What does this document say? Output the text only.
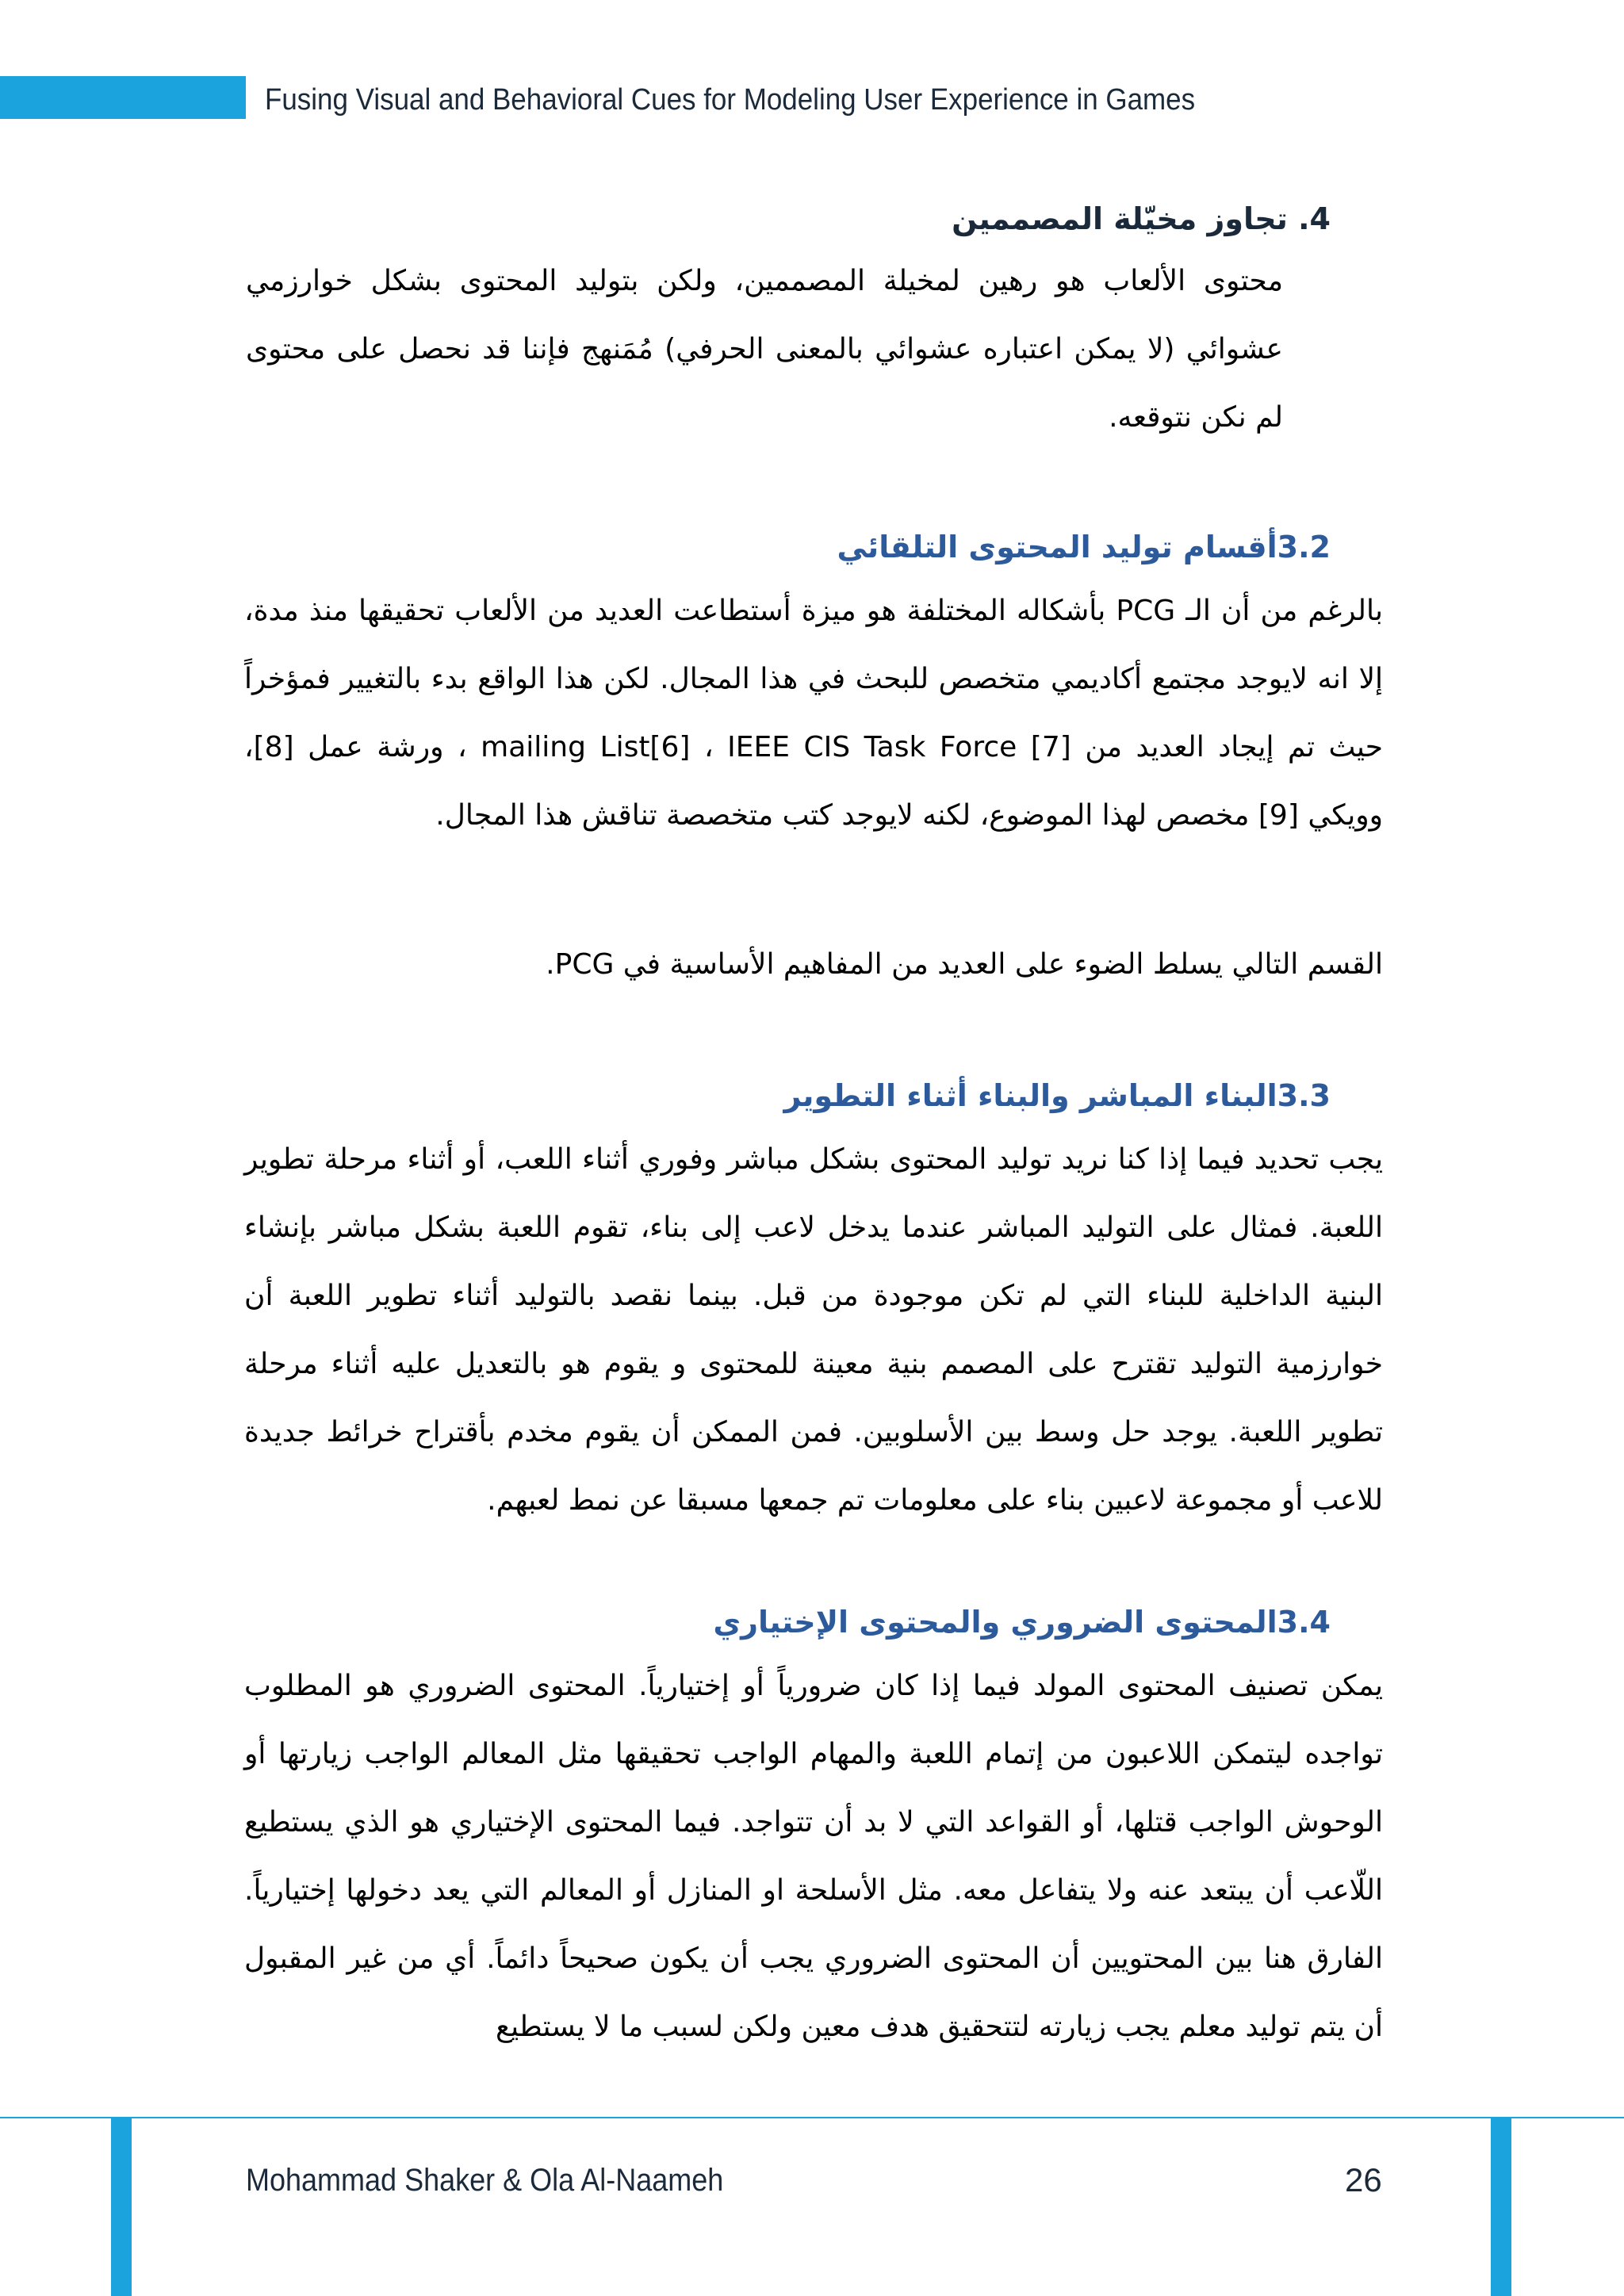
Fusing Visual and Behavioral Cues for Modeling User Experience in Games
4. تجاوز مخيّلة المصممين
محتوى الألعاب هو رهين لمخيلة المصممين، ولكن بتوليد المحتوى بشكل خوارزمي عشوائي (لا يمكن اعتباره عشوائي بالمعنى الحرفي) مُمَنهج فإننا قد نحصل على محتوى لم نكن نتوقعه.
3.2أقسام توليد المحتوى التلقائي
بالرغم من أن الـ PCG بأشكاله المختلفة هو ميزة أستطاعت العديد من الألعاب تحقيقها منذ مدة، إلا انه لايوجد مجتمع أكاديمي متخصص للبحث في هذا المجال. لكن هذا الواقع بدء بالتغيير فمؤخراً حيث تم إيجاد العديد من mailing List[6] ، IEEE CIS Task Force [7] ، ورشة عمل [8]، وويكي [9] مخصص لهذا الموضوع، لكنه لايوجد كتب متخصصة تناقش هذا المجال.
القسم التالي يسلط الضوء على العديد من المفاهيم الأساسية في PCG.
3.3البناء المباشر والبناء أثناء التطوير
يجب تحديد فيما إذا كنا نريد توليد المحتوى بشكل مباشر وفوري أثناء اللعب، أو أثناء مرحلة تطوير اللعبة. فمثال على التوليد المباشر عندما يدخل لاعب إلى بناء، تقوم اللعبة بشكل مباشر بإنشاء البنية الداخلية للبناء التي لم تكن موجودة من قبل. بينما نقصد بالتوليد أثناء تطوير اللعبة أن خوارزمية التوليد تقترح على المصمم بنية معينة للمحتوى و يقوم هو بالتعديل عليه أثناء مرحلة تطوير اللعبة. يوجد حل وسط بين الأسلوبين. فمن الممكن أن يقوم مخدم بأقتراح خرائط جديدة للاعب أو مجموعة لاعبين بناء على معلومات تم جمعها مسبقا عن نمط لعبهم.
3.4المحتوى الضروري والمحتوى الإختياري
يمكن تصنيف المحتوى المولد فيما إذا كان ضرورياً أو إختيارياً. المحتوى الضروري هو المطلوب تواجده ليتمكن اللاعبون من إتمام اللعبة والمهام الواجب تحقيقها مثل المعالم الواجب زيارتها أو الوحوش الواجب قتلها، أو القواعد التي لا بد أن تتواجد. فيما المحتوى الإختياري هو الذي يستطيع اللّاعب أن يبتعد عنه ولا يتفاعل معه. مثل الأسلحة او المنازل أو المعالم التي يعد دخولها إختيارياً. الفارق هنا بين المحتويين أن المحتوى الضروري يجب أن يكون صحيحاً دائماً. أي من غير المقبول أن يتم توليد معلم يجب زيارته لتتحقيق هدف معين ولكن لسبب ما لا يستطيع
Mohammad Shaker & Ola Al-Naameh	26
